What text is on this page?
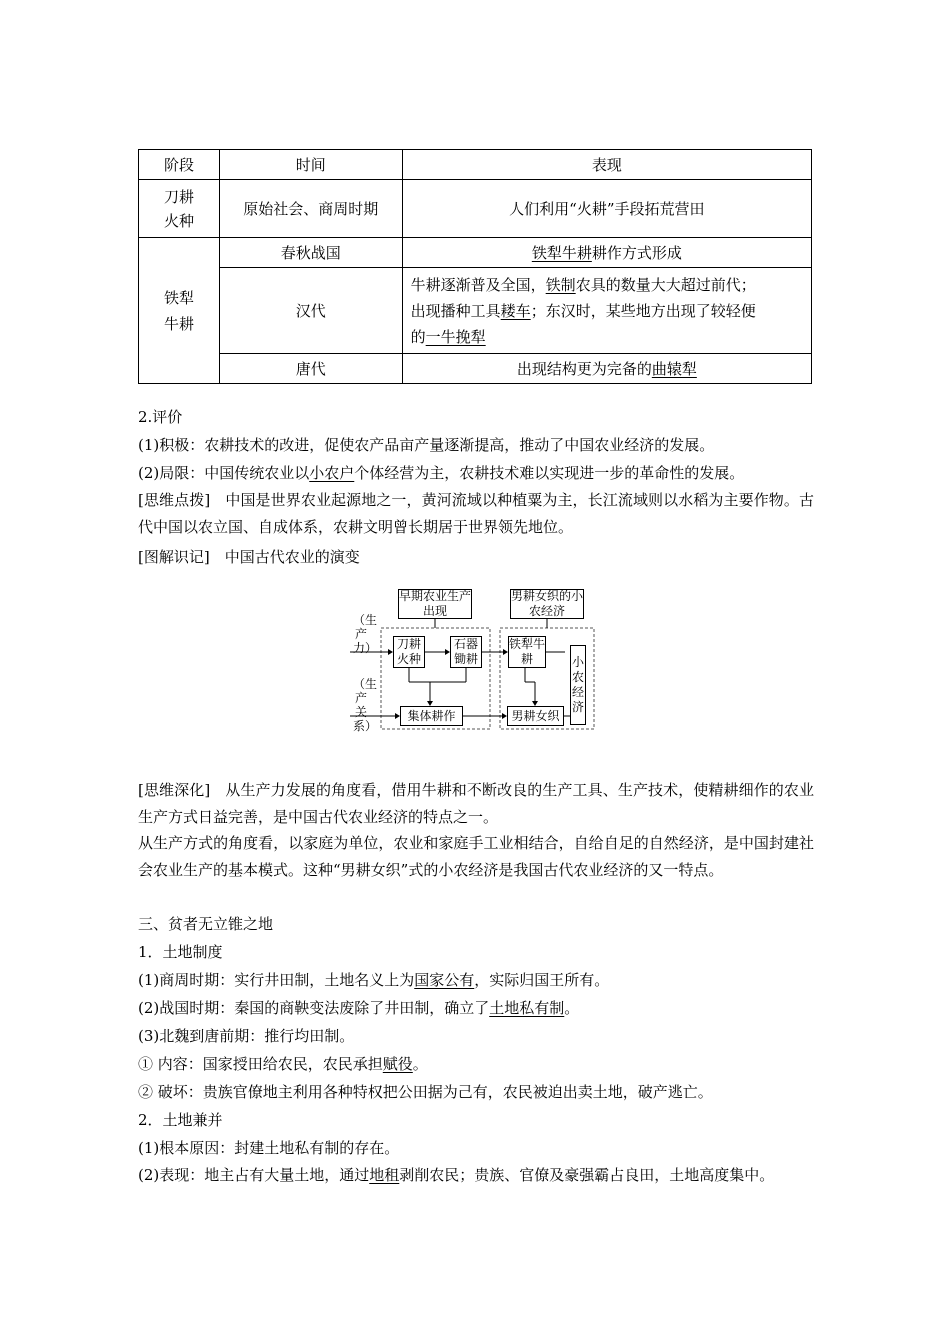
阶段	时间	表现

刀耕火种	原始社会、商周时期	人们利用“火耕”手段拓荒营田

铁犁牛耕	春秋战国	铁犁牛耕耕作方式形成
	汉代	牛耕逐渐普及全国，铁制农具的数量大大超过前代；
出现播种工具耧车；东汉时，某些地方出现了较轻便
的一牛挽犁

	唐代	出现结构更为完备的曲辕犁
2.评价
(1)积极：农耕技术的改进，促使农产品亩产量逐渐提高，推动了中国农业经济的发展。
(2)局限：中国传统农业以小农户个体经营为主，农耕技术难以实现进一步的革命性的发展。
[思维点拨]　中国是世界农业起源地之一，黄河流域以种植粟为主，长江流域则以水稻为主要作物。古代中国以农立国、自成体系，农耕文明曾长期居于世界领先地位。
[图解识记]　中国古代农业的演变
（生产力）
（生产关系）
早期农业生产出现
男耕女织的小农经济
刀耕火种
石器锄耕
铁犁牛耕
集体耕作	男耕女织
小农经济
[思维深化]　从生产力发展的角度看，借用牛耕和不断改良的生产工具、生产技术，使精耕细作的农业生产方式日益完善，是中国古代农业经济的特点之一。
从生产方式的角度看，以家庭为单位，农业和家庭手工业相结合，自给自足的自然经济，是中国封建社会农业生产的基本模式。这种“男耕女织”式的小农经济是我国古代农业经济的又一特点。
三、贫者无立锥之地
1．土地制度
(1)商周时期：实行井田制，土地名义上为国家公有，实际归国王所有。
(2)战国时期：秦国的商鞅变法废除了井田制，确立了土地私有制。
(3)北魏到唐前期：推行均田制。
① 内容：国家授田给农民，农民承担赋役。
② 破坏：贵族官僚地主利用各种特权把公田据为己有，农民被迫出卖土地，破产逃亡。
2．土地兼并
(1)根本原因：封建土地私有制的存在。
(2)表现：地主占有大量土地，通过地租剥削农民；贵族、官僚及豪强霸占良田，土地高度集中。
